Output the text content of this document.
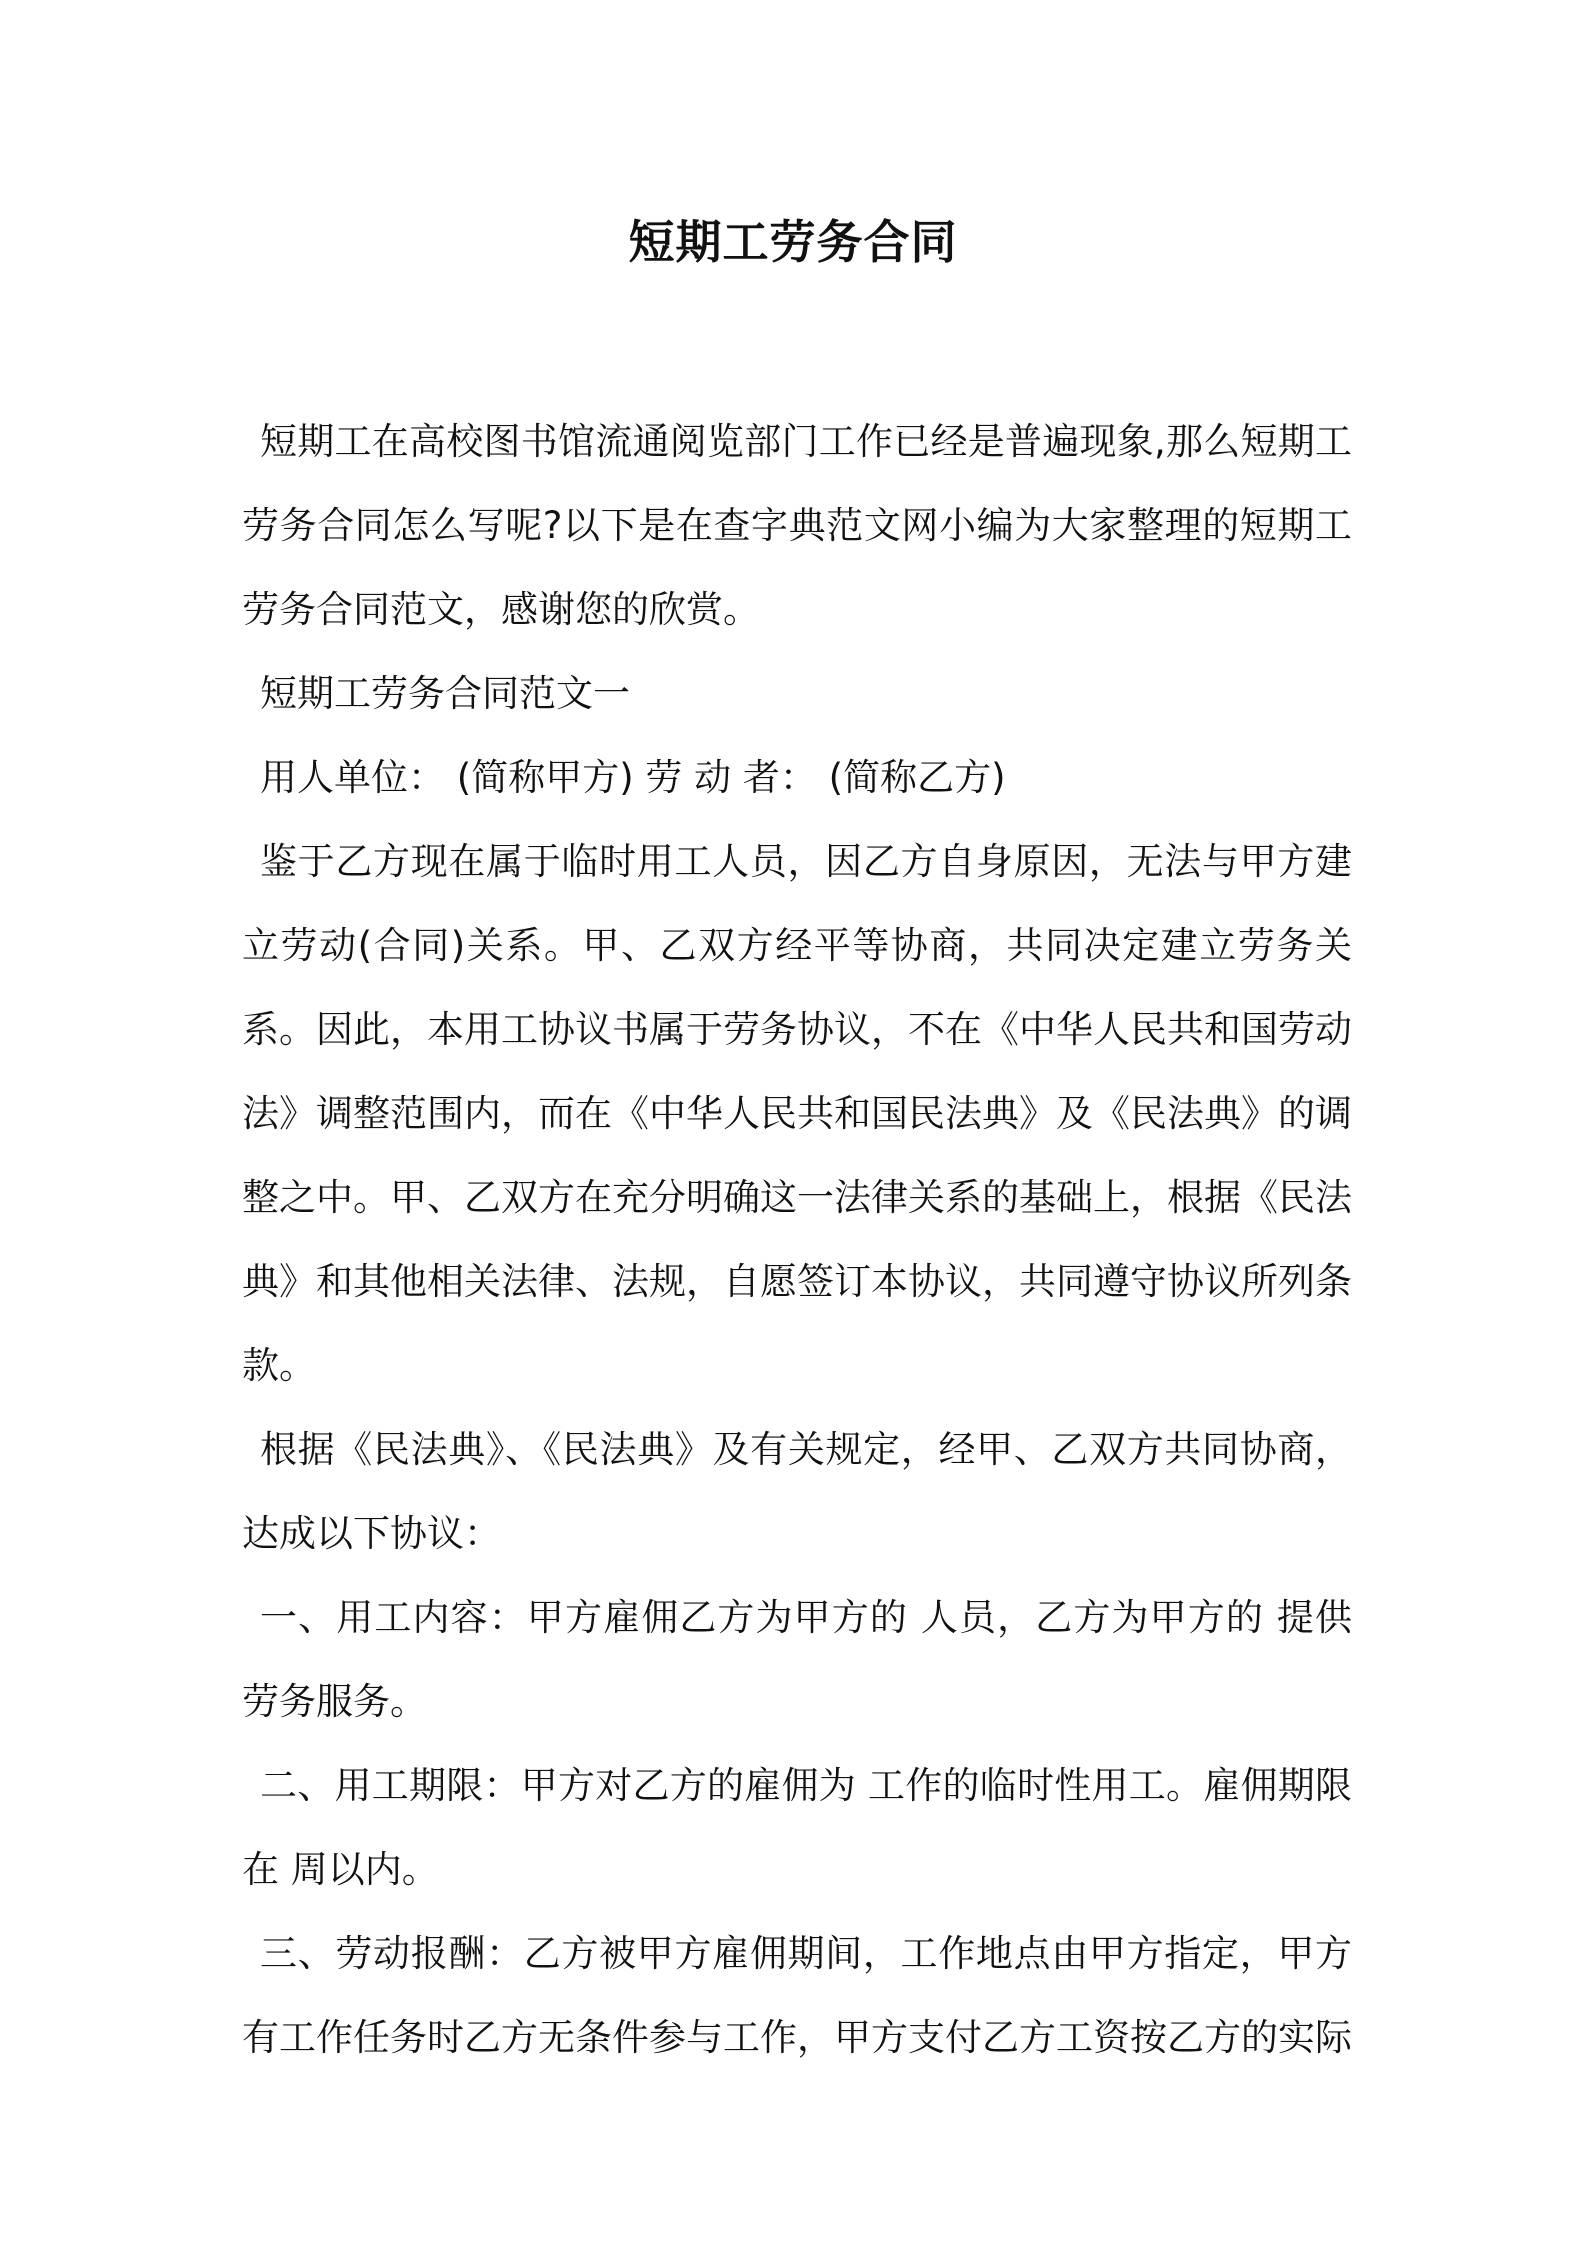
短期工劳务合同

短期工在高校图书馆流通阅览部门工作已经是普遍现象,那么短期工劳务合同怎么写呢?以下是在查字典范文网小编为大家整理的短期工劳务合同范文，感谢您的欣赏。

短期工劳务合同范文一

用人单位： (简称甲方) 劳 动 者： (简称乙方)

鉴于乙方现在属于临时用工人员，因乙方自身原因，无法与甲方建立劳动(合同)关系。甲、乙双方经平等协商，共同决定建立劳务关系。因此，本用工协议书属于劳务协议，不在《中华人民共和国劳动法》调整范围内，而在《中华人民共和国民法典》及《民法典》的调整之中。甲、乙双方在充分明确这一法律关系的基础上，根据《民法典》和其他相关法律、法规，自愿签订本协议，共同遵守协议所列条款。

根据《民法典》、《民法典》及有关规定，经甲、乙双方共同协商，达成以下协议：

一、用工内容：甲方雇佣乙方为甲方的 人员，乙方为甲方的 提供劳务服务。

二、用工期限：甲方对乙方的雇佣为 工作的临时性用工。雇佣期限在 周以内。

三、劳动报酬：乙方被甲方雇佣期间，工作地点由甲方指定，甲方有工作任务时乙方无条件参与工作，甲方支付乙方工资按乙方的实际
